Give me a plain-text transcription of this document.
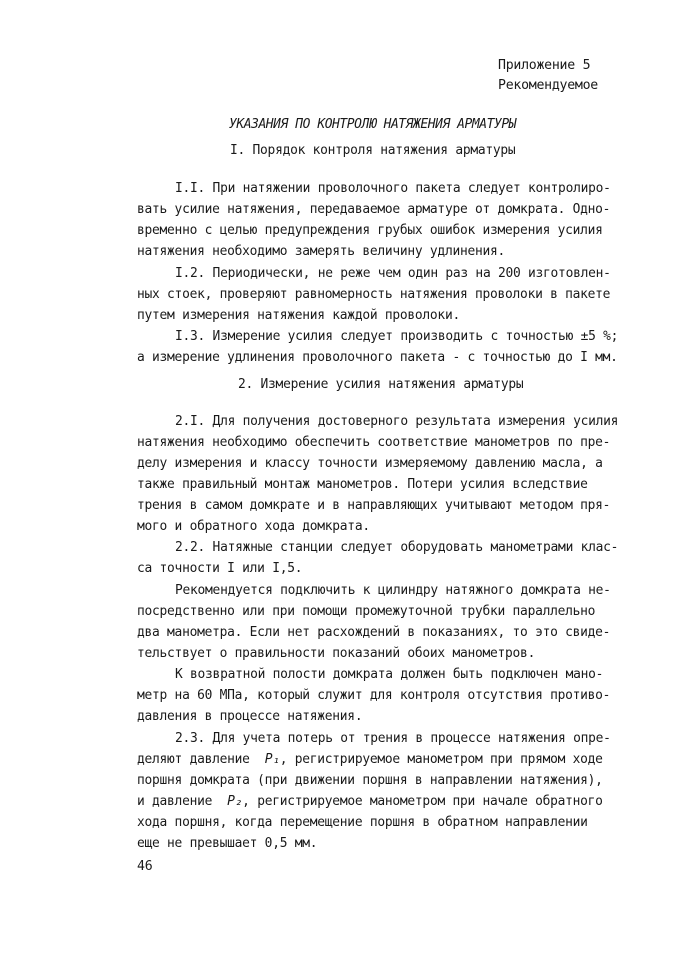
Приложение 5

Рекомендуемое

УКАЗАНИЯ ПО КОНТРОЛЮ НАТЯЖЕНИЯ АРМАТУРЫ

I. Порядок контроля натяжения арматуры

I.I. При натяжении проволочного пакета следует контролиро-

вать усилие натяжения, передаваемое арматуре от домкрата. Одно-

временно с целью предупреждения грубых ошибок измерения усилия

натяжения необходимо замерять величину удлинения.

I.2. Периодически, не реже чем один раз на 200 изготовлен-

ных стоек, проверяют равномерность натяжения проволоки в пакете

путем измерения натяжения каждой проволоки.

I.3. Измерение усилия следует производить с точностью ±5 %;

а измерение удлинения проволочного пакета - с точностью до I мм.

2. Измерение усилия натяжения арматуры

2.I. Для получения достоверного результата измерения усилия

натяжения необходимо обеспечить соответствие манометров по пре-

делу измерения и классу точности измеряемому давлению масла, а

также правильный монтаж манометров. Потери усилия вследствие

трения в самом домкрате и в направляющих учитывают методом пря-

мого и обратного хода домкрата.

2.2. Натяжные станции следует оборудовать манометрами клас-

са точности I или I,5.

Рекомендуется подключить к цилиндру натяжного домкрата не-

посредственно или при помощи промежуточной трубки параллельно

два манометра. Если нет расхождений в показаниях, то это свиде-

тельствует о правильности показаний обоих манометров.

К возвратной полости домкрата должен быть подключен мано-

метр на 60 МПа, который служит для контроля отсутствия противо-

давления в процессе натяжения.

2.3. Для учета потерь от трения в процессе натяжения опре-

деляют давление  P₁, регистрируемое манометром при прямом ходе

поршня домкрата (при движении поршня в направлении натяжения),

и давление  P₂, регистрируемое манометром при начале обратного

хода поршня, когда перемещение поршня в обратном направлении

еще не превышает 0,5 мм.

46
